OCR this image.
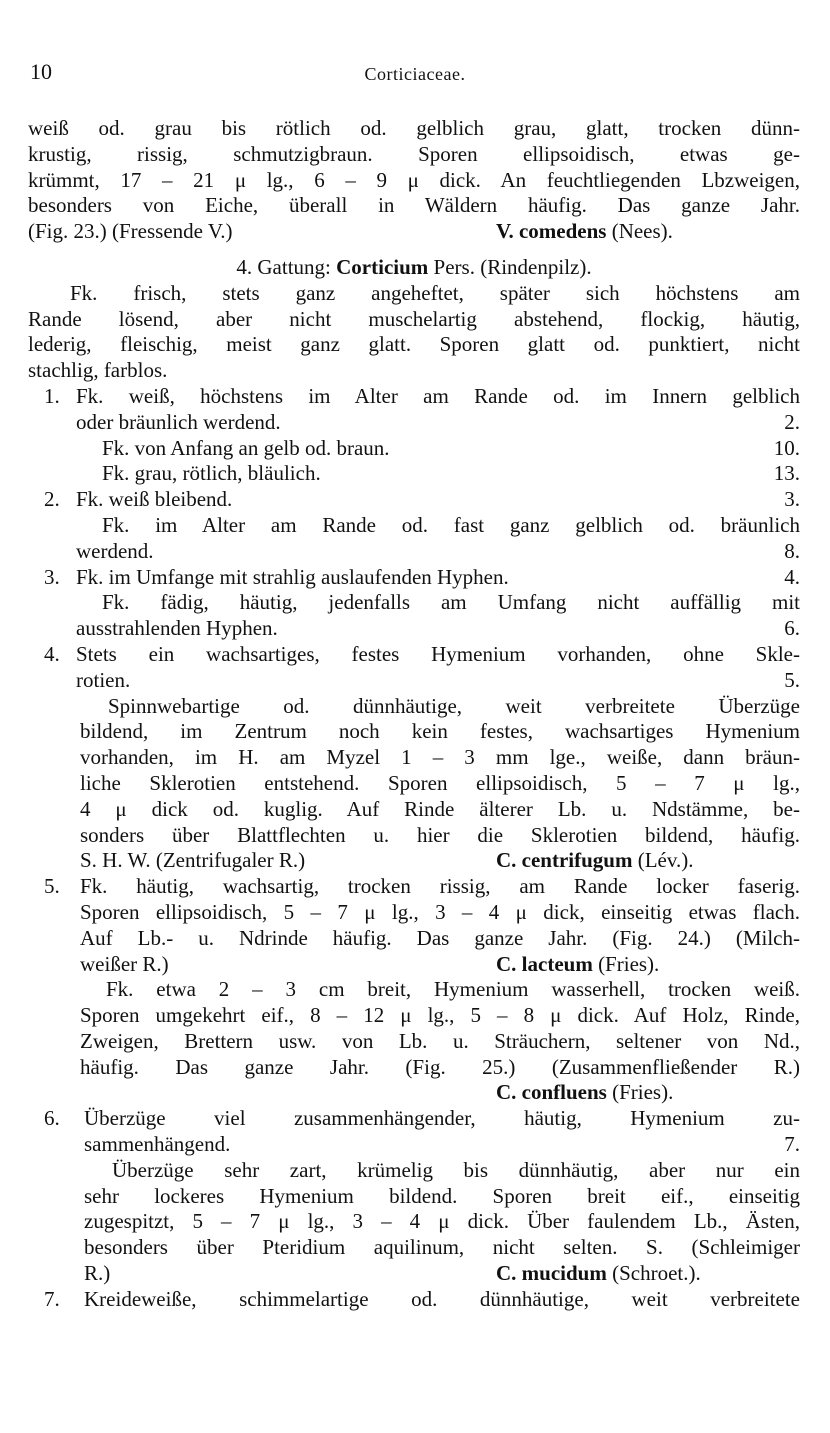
10	Corticiaceae.
weiß od. grau bis rötlich od. gelblich grau, glatt, trocken dünn-
krustig, rissig, schmutzigbraun. Sporen ellipsoidisch, etwas ge-
krümmt, 17 – 21 μ lg., 6 – 9 μ dick. An feuchtliegenden Lbzweigen,
besonders von Eiche, überall in Wäldern häufig. Das ganze Jahr.
(Fig. 23.) (Fressende V.)	V. comedens (Nees).
4. Gattung: Corticium Pers. (Rindenpilz).
Fk. frisch, stets ganz angeheftet, später sich höchstens am
Rande lösend, aber nicht muschelartig abstehend, flockig, häutig,
lederig, fleischig, meist ganz glatt. Sporen glatt od. punktiert, nicht
stachlig, farblos.
1. Fk. weiß, höchstens im Alter am Rande od. im Innern gelblich
oder bräunlich werdend.	2.
Fk. von Anfang an gelb od. braun.	10.
Fk. grau, rötlich, bläulich.	13.
2. Fk. weiß bleibend.	3.
Fk. im Alter am Rande od. fast ganz gelblich od. bräunlich
werdend.	8.
3. Fk. im Umfange mit strahlig auslaufenden Hyphen.	4.
Fk. fädig, häutig, jedenfalls am Umfang nicht auffällig mit
ausstrahlenden Hyphen.	6.
4. Stets ein wachsartiges, festes Hymenium vorhanden, ohne Skle-
rotien.	5.
Spinnwebartige od. dünnhäutige, weit verbreitete Überzüge
bildend, im Zentrum noch kein festes, wachsartiges Hymenium
vorhanden, im H. am Myzel 1 – 3 mm lge., weiße, dann bräun-
liche Sklerotien entstehend. Sporen ellipsoidisch, 5 – 7 μ lg.,
4 μ dick od. kuglig. Auf Rinde älterer Lb. u. Ndstämme, be-
sonders über Blattflechten u. hier die Sklerotien bildend, häufig.
S. H. W. (Zentrifugaler R.)	C. centrifugum (Lév.).
5. Fk. häutig, wachsartig, trocken rissig, am Rande locker faserig.
Sporen ellipsoidisch, 5 – 7 μ lg., 3 – 4 μ dick, einseitig etwas flach.
Auf Lb.- u. Ndrinde häufig. Das ganze Jahr. (Fig. 24.) (Milch-
weißer R.)	C. lacteum (Fries).
Fk. etwa 2 – 3 cm breit, Hymenium wasserhell, trocken weiß.
Sporen umgekehrt eif., 8 – 12 μ lg., 5 – 8 μ dick. Auf Holz, Rinde,
Zweigen, Brettern usw. von Lb. u. Sträuchern, seltener von Nd.,
häufig. Das ganze Jahr. (Fig. 25.) (Zusammenfließender R.)
C. confluens (Fries).
6. Überzüge viel zusammenhängender, häutig, Hymenium zu-
sammenhängend.	7.
Überzüge sehr zart, krümelig bis dünnhäutig, aber nur ein
sehr lockeres Hymenium bildend. Sporen breit eif., einseitig
zugespitzt, 5 – 7 μ lg., 3 – 4 μ dick. Über faulendem Lb., Ästen,
besonders über Pteridium aquilinum, nicht selten. S. (Schleimiger
R.)	C. mucidum (Schroet.).
7. Kreideweiße, schimmelartige od. dünnhäutige, weit verbreitete
